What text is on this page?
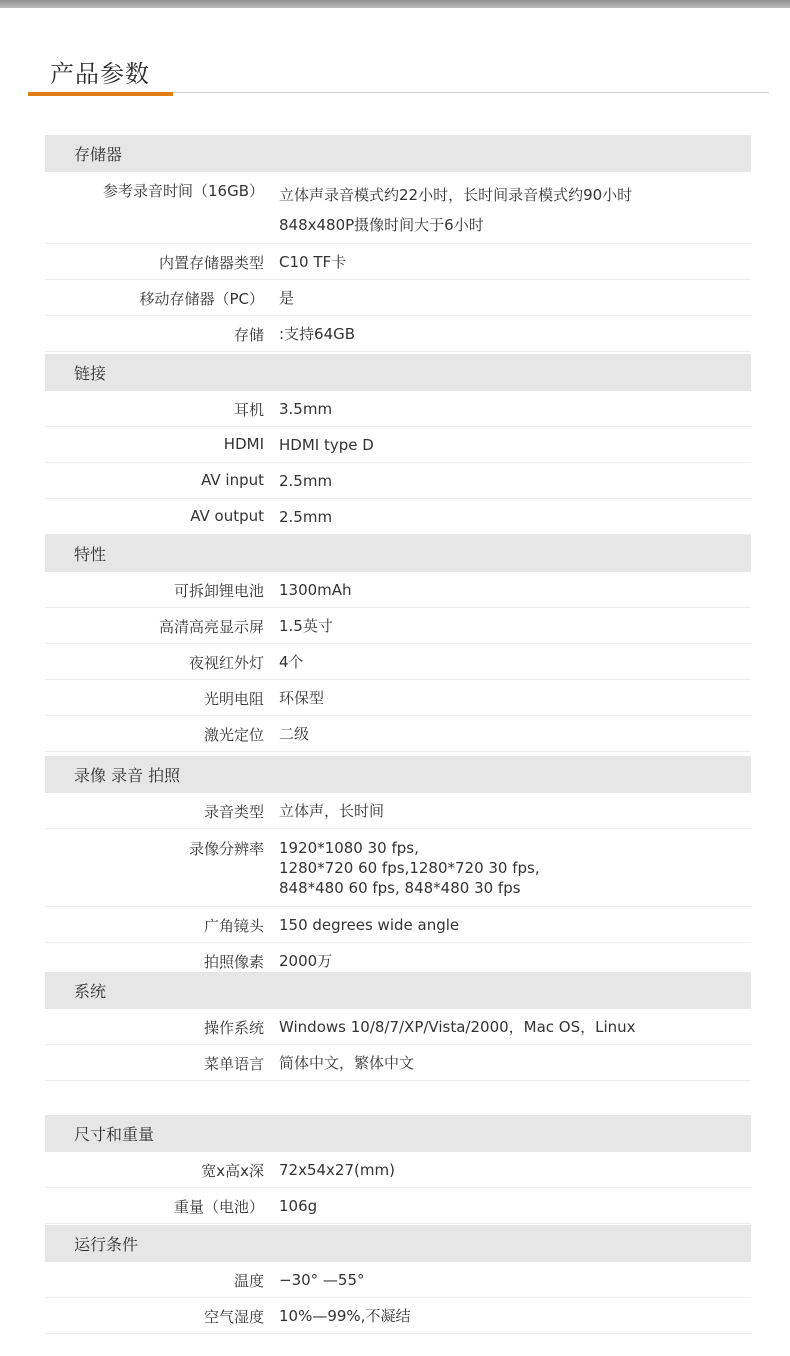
产品参数
参考录音时间（16GB） 立体声录音模式约22小时，长时间录音模式约90小时
848x480P摄像时间大于6小时
内置存储器类型 C10 TF卡
移动存储器（PC） 是
存储 :支持64GB
耳机 3.5mm
HDMI HDMI type D
AV input 2.5mm
AV output 2.5mm
可拆卸锂电池 1300mAh
高清高亮显示屏 1.5英寸
夜视红外灯 4个
光明电阻 环保型
激光定位 二级
录音类型 立体声，长时间
录像分辨率 1920*1080 30 fps,
1280*720 60 fps,1280*720 30 fps,
848*480 60 fps, 848*480 30 fps
广角镜头 150 degrees wide angle
拍照像素 2000万
操作系统 Windows 10/8/7/XP/Vista/2000，Mac OS，Linux
菜单语言 简体中文，繁体中文
宽x高x深 72x54x27(mm)
重量（电池） 106g
温度 −30° —55°
空气湿度 10%—99%,不凝结
存储器
链接
特性
录像 录音 拍照
系统
尺寸和重量
运行条件
